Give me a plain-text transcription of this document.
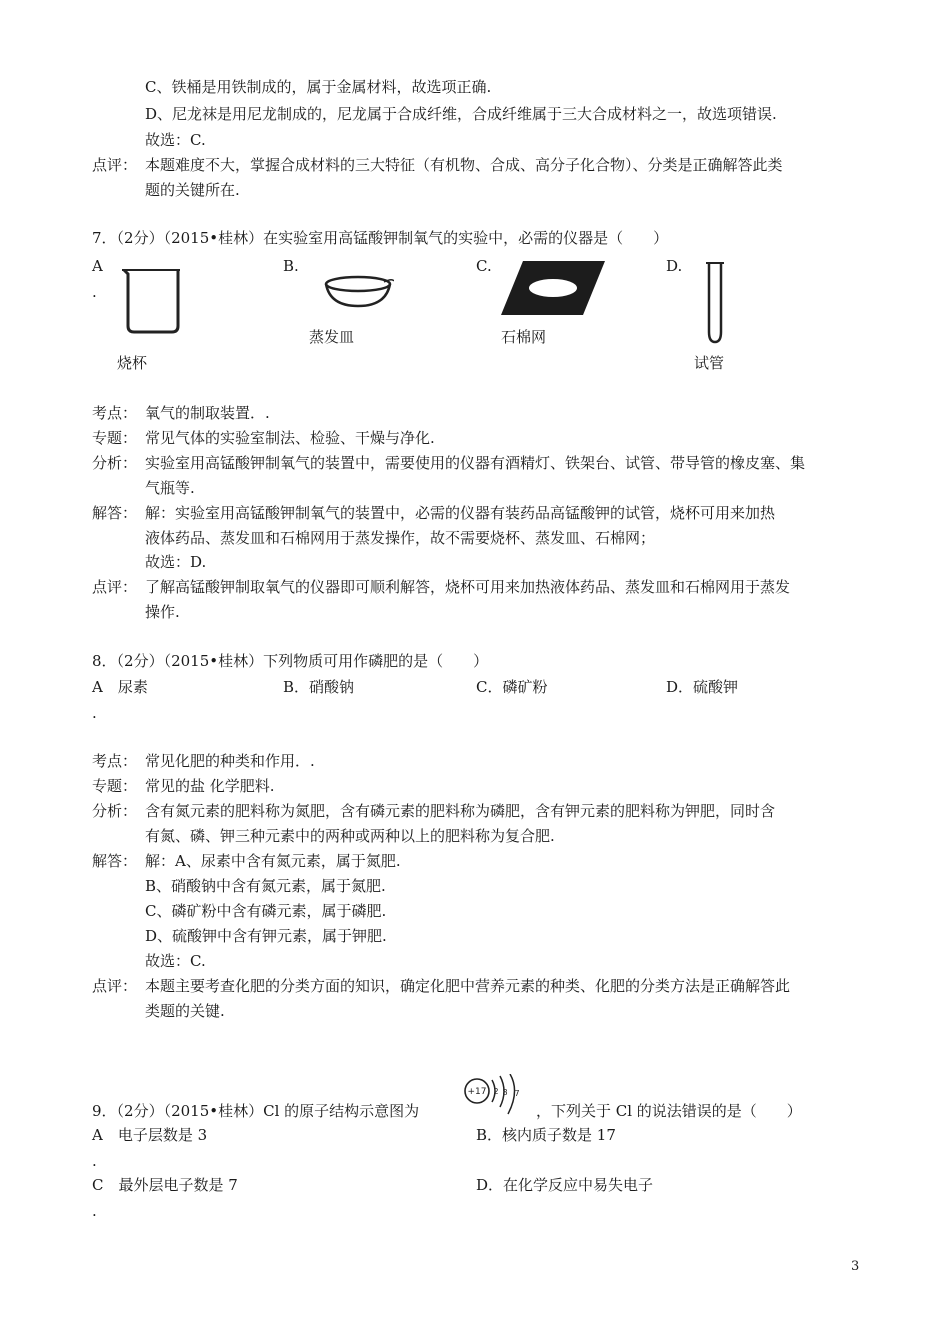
C、铁桶是用铁制成的，属于金属材料，故选项正确.
D、尼龙袜是用尼龙制成的，尼龙属于合成纤维，合成纤维属于三大合成材料之一，故选项错误.
故选：C.
点评： 本题难度不大，掌握合成材料的三大特征（有机物、合成、高分子化合物）、分类是正确解答此类
题的关键所在.
7．（2分）（2015•桂林）在实验室用高锰酸钾制氧气的实验中，必需的仪器是（　　）
A
.
B.	C.	D.
烧杯
蒸发皿	石棉网
试管
考点： 氧气的制取装置．.
专题： 常见气体的实验室制法、检验、干燥与净化.
分析： 实验室用高锰酸钾制氧气的装置中，需要使用的仪器有酒精灯、铁架台、试管、带导管的橡皮塞、集
气瓶等.
解答： 解：实验室用高锰酸钾制氧气的装置中，必需的仪器有装药品高锰酸钾的试管，烧杯可用来加热
液体药品、蒸发皿和石棉网用于蒸发操作，故不需要烧杯、蒸发皿、石棉网；
故选：D.
点评： 了解高锰酸钾制取氧气的仪器即可顺利解答，烧杯可用来加热液体药品、蒸发皿和石棉网用于蒸发
操作.
8．（2分）（2015•桂林）下列物质可用作磷肥的是（　　）
A　尿素
.
B．硝酸钠	C．磷矿粉	D．硫酸钾
考点： 常见化肥的种类和作用．.
专题： 常见的盐 化学肥料.
分析： 含有氮元素的肥料称为氮肥，含有磷元素的肥料称为磷肥，含有钾元素的肥料称为钾肥，同时含
有氮、磷、钾三种元素中的两种或两种以上的肥料称为复合肥.
解答： 解：A、尿素中含有氮元素，属于氮肥.
B、硝酸钠中含有氮元素，属于氮肥.
C、磷矿粉中含有磷元素，属于磷肥.
D、硫酸钾中含有钾元素，属于钾肥.
故选：C.
点评： 本题主要考查化肥的分类方面的知识，确定化肥中营养元素的种类、化肥的分类方法是正确解答此
类题的关键.
9．（2分）（2015•桂林）Cl 的原子结构示意图为
+17 2 8 7
，下列关于 Cl 的说法错误的是（　　）
A　电子层数是 3
.
B．核内质子数是 17
C　最外层电子数是 7
.
D．在化学反应中易失电子
3
